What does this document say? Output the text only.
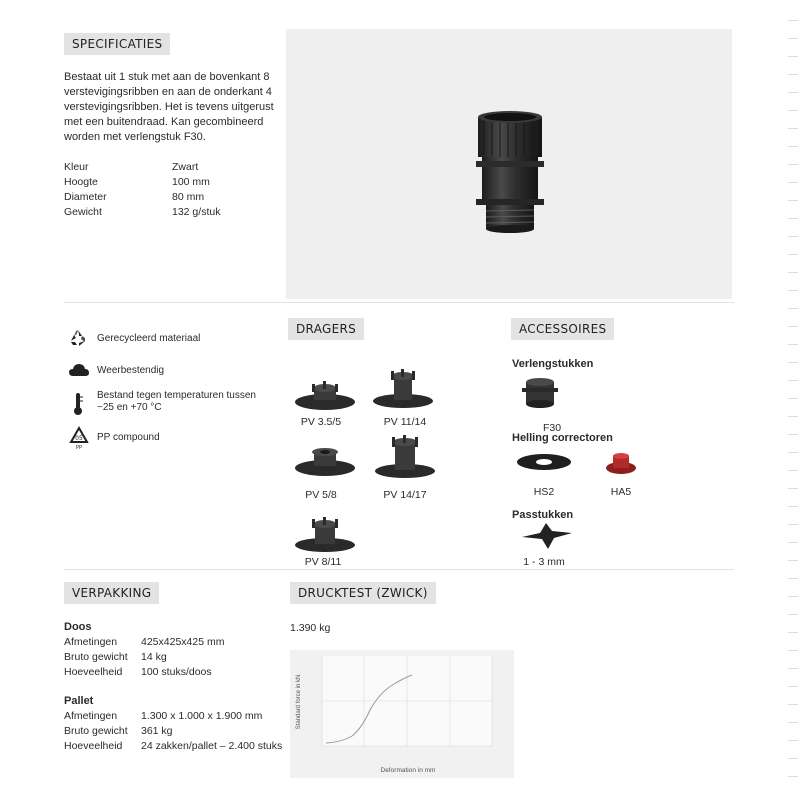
SPECIFICATIES
Bestaat uit 1 stuk met aan de bovenkant 8
verstevigingsribben en aan de onderkant 4
verstevigingsribben. Het is tevens uitgerust
met een buitendraad. Kan gecombineerd
worden met verlengstuk F30.
Kleur	Zwart
Hoogte	100 mm
Diameter	80 mm
Gewicht	132 g/stuk
Gerecycleerd materiaal
Weerbestendig
Bestand tegen temperaturen tussen
−25 en +70 °C
05
PP
PP compound
DRAGERS
PV 3.5/5	PV 11/14
PV 5/8	PV 14/17
PV 8/11
ACCESSOIRES
Verlengstukken
F30
Helling correctoren
HS2	HA5
Passtukken
1 - 3 mm
VERPAKKING
Doos
Afmetingen 425x425x425 mm
Bruto gewicht 14 kg
Hoeveelheid 100 stuks/doos
Pallet
Afmetingen 1.300 x 1.000 x 1.900 mm
Bruto gewicht 361 kg
Hoeveelheid 24 zakken/pallet – 2.400 stuks
DRUCKTEST (ZWICK)
1.390 kg
Standard force in kN
Deformation in mm
